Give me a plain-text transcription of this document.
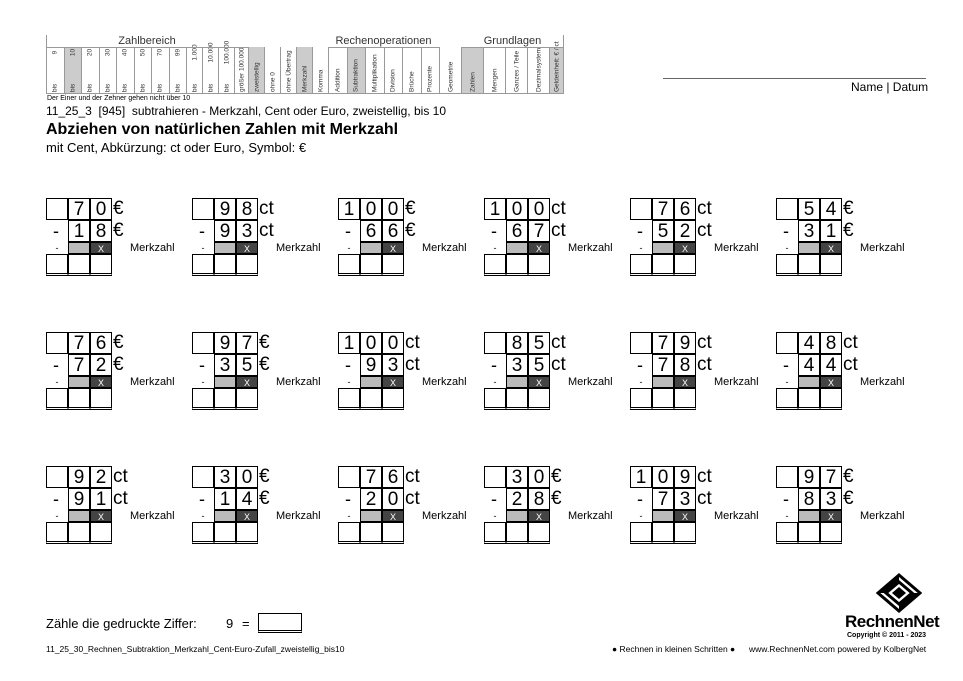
bis
9
bis
10
bis
20
bis
30
bis
40
bis
50
bis
70
bis
99
bis
1.000
bis
10.000
bis
100.000 größer 100.000
Zahlbereich
zweistellig ohne 0 ohne Übertrag Merkzahl Komma Addition Subtraktion Multiplikation Division Brüche Prozente
Rechenoperationen
Geometrie Zahlen Mengen Ganzes / Teile Dezimalsystem Geldeinheit: € / ct
Grundlagen
Der Einer und der Zehner gehen nicht über 10
Name | Datum
11_25_3  [945]  subtrahieren - Merkzahl, Cent oder Euro, zweistellig, bis 10
Abziehen von natürlichen Zahlen mit Merkzahl
mit Cent, Abkürzung: ct oder Euro, Symbol: €
7 0 €
- 1 8 €
-	X	Merkzahl
9 8 ct
- 9 3 ct
-	X	Merkzahl
1 0 0 €
- 6 6 €
-	X	Merkzahl
1 0 0 ct
- 6 7 ct
-	X	Merkzahl
7 6 ct
- 5 2 ct
-	X	Merkzahl
5 4 €
- 3 1 €
-	X	Merkzahl
7 6 €
- 7 2 €
-	X	Merkzahl
9 7 €
- 3 5 €
-	X	Merkzahl
1 0 0 ct
- 9 3 ct
-	X	Merkzahl
8 5 ct
- 3 5 ct
-	X	Merkzahl
7 9 ct
- 7 8 ct
-	X	Merkzahl
4 8 ct
- 4 4 ct
-	X	Merkzahl
9 2 ct
- 9 1 ct
-	X	Merkzahl
3 0 €
- 1 4 €
-	X	Merkzahl
7 6 ct
- 2 0 ct
-	X	Merkzahl
3 0 €
- 2 8 €
-	X	Merkzahl
1 0 9 ct
- 7 3 ct
-	X	Merkzahl
9 7 €
- 8 3 €
-	X	Merkzahl
Zähle die gedruckte Ziffer: 9 =
11_25_30_Rechnen_Subtraktion_Merkzahl_Cent-Euro-Zufall_zweistellig_bis10	● Rechnen in kleinen Schritten ● www.RechnenNet.com powered by KolbergNet
RechnenNet
Copyright © 2011 - 2023
